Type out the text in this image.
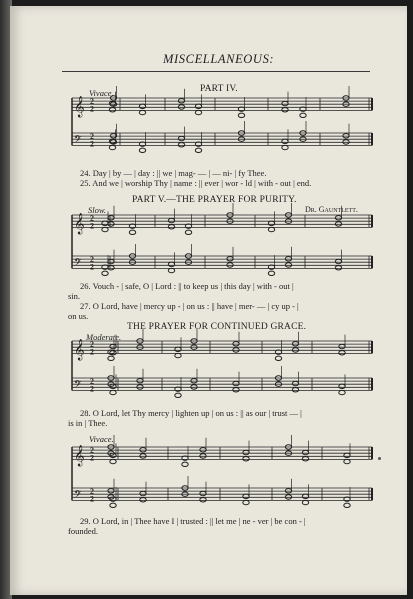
MISCELLANEOUS:
PART IV.
Vivace.
24. Day | by — | day : || we | mag- — | — ni- | fy Thee.
25. And we | worship Thy | name : || ever | wor - ld | with - out | end.
PART V.—THE PRAYER FOR PURITY.
Slow.	Dr. Gauntlett.
26. Vouch - | safe, O | Lord : || to keep us | this day | with - out |
sin.
27. O Lord, have | mercy up - | on us : || have | mer- — | cy up - |
on us.
THE PRAYER FOR CONTINUED GRACE.
Moderate.
28. O Lord, let Thy mercy | lighten up | on us : || as our | trust — |
is in | Thee.
Vivace.
29. O Lord, in | Thee have I | trusted : || let me | ne - ver | be con - |
founded.
𝄞 2
2
𝄢 2
2
𝄞 2
2
𝄢 2
2
𝄞 2
2
𝄢 2
2
𝄞 2
2
𝄢 2
2
